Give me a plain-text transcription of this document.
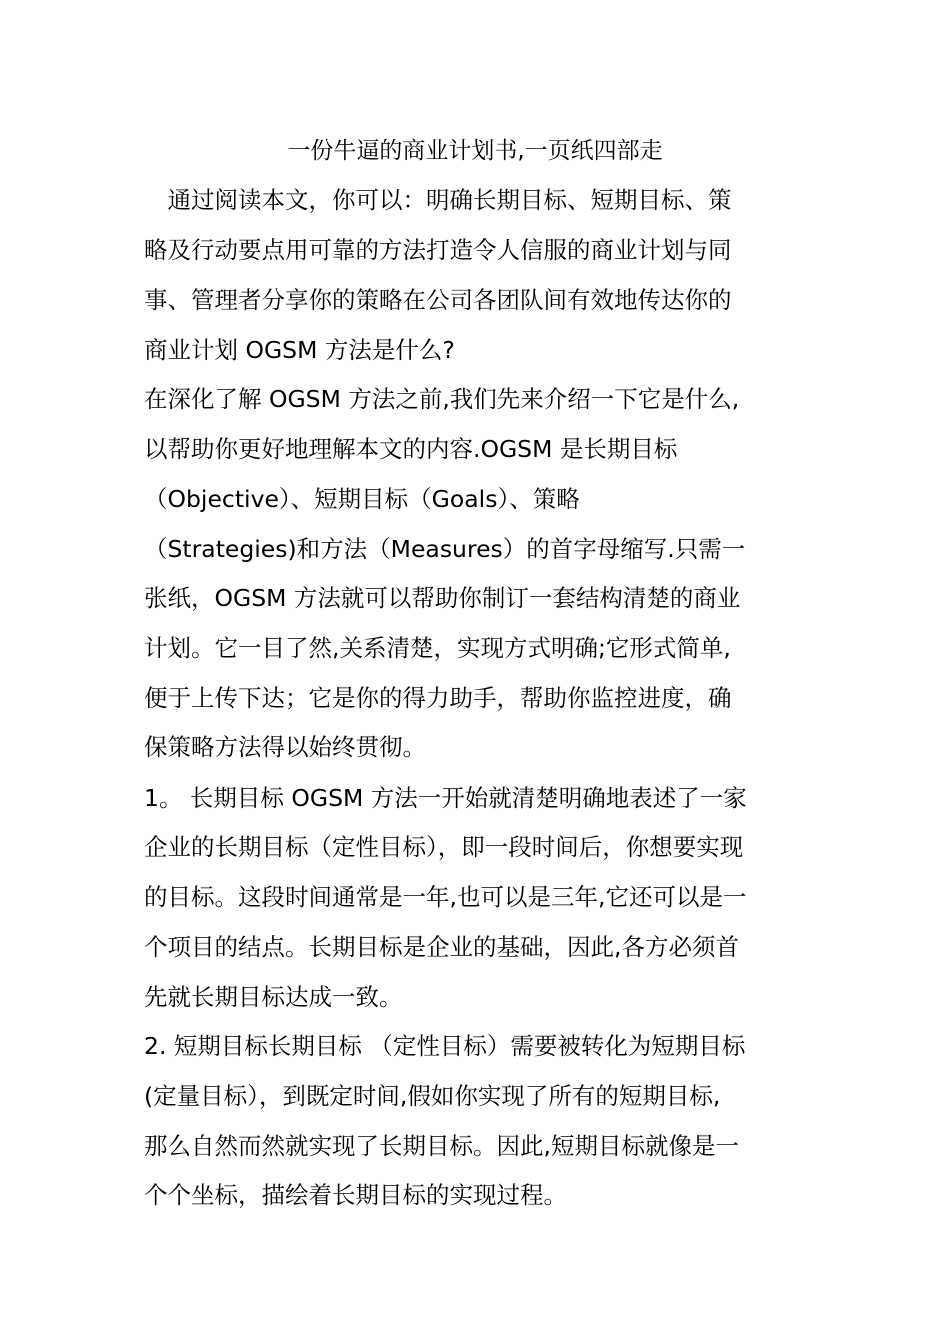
一份牛逼的商业计划书,一页纸四部走
　通过阅读本文，你可以：明确长期目标、短期目标、策
略及行动要点用可靠的方法打造令人信服的商业计划与同
事、管理者分享你的策略在公司各团队间有效地传达你的
商业计划 OGSM 方法是什么?
在深化了解 OGSM 方法之前,我们先来介绍一下它是什么,
以帮助你更好地理解本文的内容.OGSM 是长期目标
（Objective）、短期目标（Goals）、策略
（Strategies)和方法（Measures）的首字母缩写.只需一
张纸，OGSM 方法就可以帮助你制订一套结构清楚的商业
计划。它一目了然,关系清楚，实现方式明确;它形式简单,
便于上传下达；它是你的得力助手，帮助你监控进度，确
保策略方法得以始终贯彻。
1。 长期目标 OGSM 方法一开始就清楚明确地表述了一家
企业的长期目标（定性目标），即一段时间后，你想要实现
的目标。这段时间通常是一年,也可以是三年,它还可以是一
个项目的结点。长期目标是企业的基础，因此,各方必须首
先就长期目标达成一致。
2. 短期目标长期目标 （定性目标）需要被转化为短期目标
(定量目标），到既定时间,假如你实现了所有的短期目标,
那么自然而然就实现了长期目标。因此,短期目标就像是一
个个坐标，描绘着长期目标的实现过程。
